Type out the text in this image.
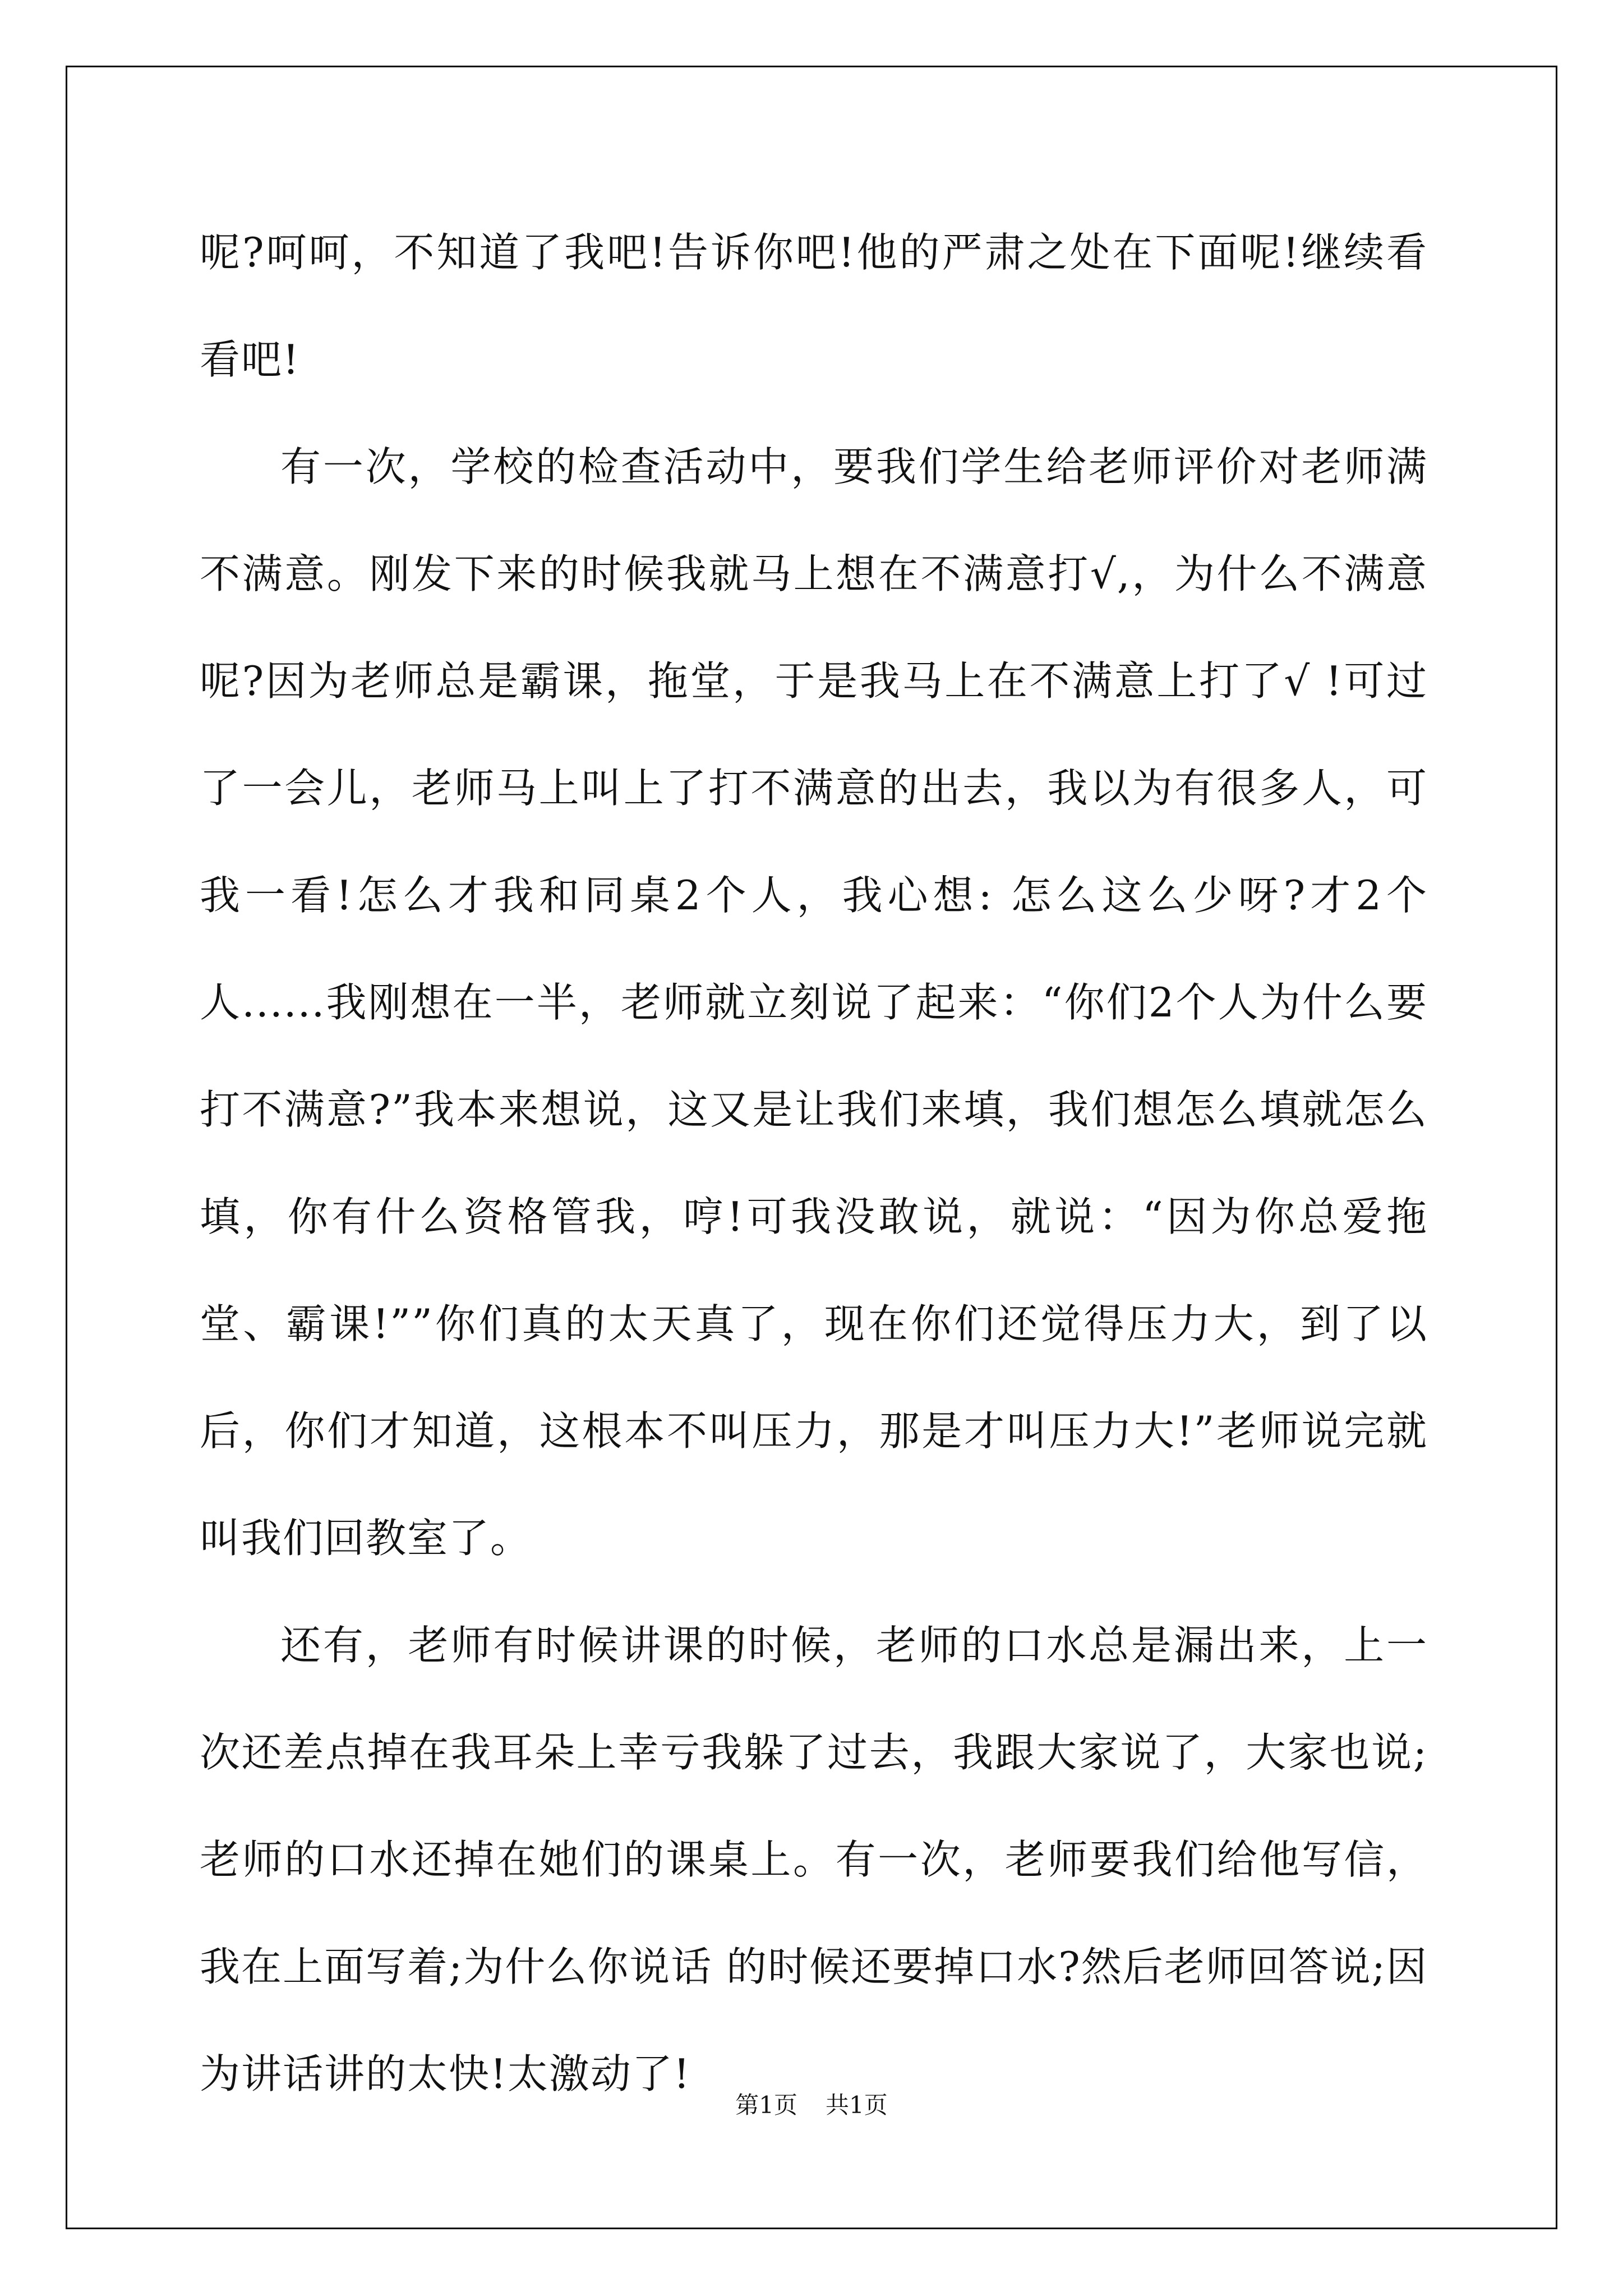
呢?呵呵，不知道了我吧!告诉你吧!他的严肃之处在下面呢!继续看看吧!

有一次，学校的检查活动中，要我们学生给老师评价对老师满不满意。刚发下来的时候我就马上想在不满意打√,，为什么不满意呢?因为老师总是霸课，拖堂，于是我马上在不满意上打了√ !可过了一会儿，老师马上叫上了打不满意的出去，我以为有很多人，可我一看!怎么才我和同桌2个人，我心想: 怎么这么少呀?才2个人......我刚想在一半，老师就立刻说了起来：“你们2个人为什么要打不满意?”我本来想说，这又是让我们来填，我们想怎么填就怎么填，你有什么资格管我，哼!可我没敢说，就说：“因为你总爱拖堂、霸课!””你们真的太天真了，现在你们还觉得压力大，到了以后，你们才知道，这根本不叫压力，那是才叫压力大!”老师说完就叫我们回教室了。

还有，老师有时候讲课的时候，老师的口水总是漏出来，上一次还差点掉在我耳朵上幸亏我躲了过去，我跟大家说了，大家也说;老师的口水还掉在她们的课桌上。有一次，老师要我们给他写信，我在上面写着;为什么你说话 的时候还要掉口水?然后老师回答说;因为讲话讲的太快!太激动了!

第1页 共1页
